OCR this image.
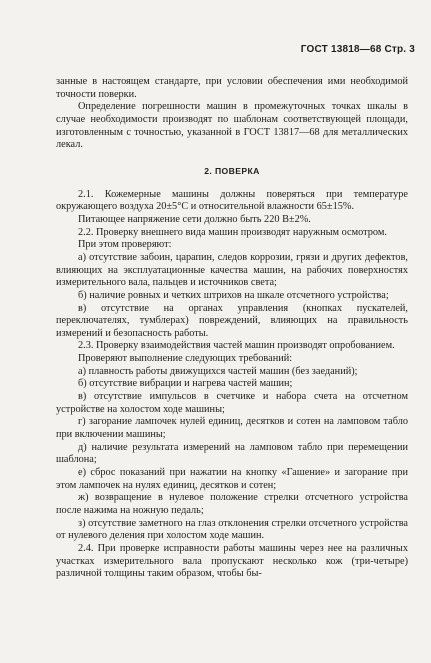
ГОСТ 13818—68 Стр. 3

занные в настоящем стандарте, при условии обеспечения ими необходимой точности поверки.

Определение погрешности машин в промежуточных точках шкалы в случае необходимости производят по шаблонам соответствующей площади, изготовленным с точностью, указанной в ГОСТ 13817—68 для металлических лекал.

2. ПОВЕРКА

2.1. Кожемерные машины должны поверяться при температуре окружающего воздуха 20±5°С и относительной влажности 65±15%.

Питающее напряжение сети должно быть 220 В±2%.

2.2. Проверку внешнего вида машин производят наружным осмотром.

При этом проверяют:

а) отсутствие забоин, царапин, следов коррозии, грязи и других дефектов, влияющих на эксплуатационные качества машин, на рабочих поверхностях измерительного вала, пальцев и источников света;

б) наличие ровных и четких штрихов на шкале отсчетного устройства;

в) отсутствие на органах управления (кнопках пускателей, переключателях, тумблерах) повреждений, влияющих на правильность измерений и безопасность работы.

2.3. Проверку взаимодействия частей машин производят опробованием.

Проверяют выполнение следующих требований:

а) плавность работы движущихся частей машин (без заеданий);

б) отсутствие вибрации и нагрева частей машин;

в) отсутствие импульсов в счетчике и набора счета на отсчетном устройстве на холостом ходе машины;

г) загорание лампочек нулей единиц, десятков и сотен на ламповом табло при включении машины;

д) наличие результата измерений на ламповом табло при перемещении шаблона;

е) сброс показаний при нажатии на кнопку «Гашение» и загорание при этом лампочек на нулях единиц, десятков и сотен;

ж) возвращение в нулевое положение стрелки отсчетного устройства после нажима на ножную педаль;

з) отсутствие заметного на глаз отклонения стрелки отсчетного устройства от нулевого деления при холостом ходе машин.

2.4. При проверке исправности работы машины через нее на различных участках измерительного вала пропускают несколько кож (три-четыре) различной толщины таким образом, чтобы бы-
